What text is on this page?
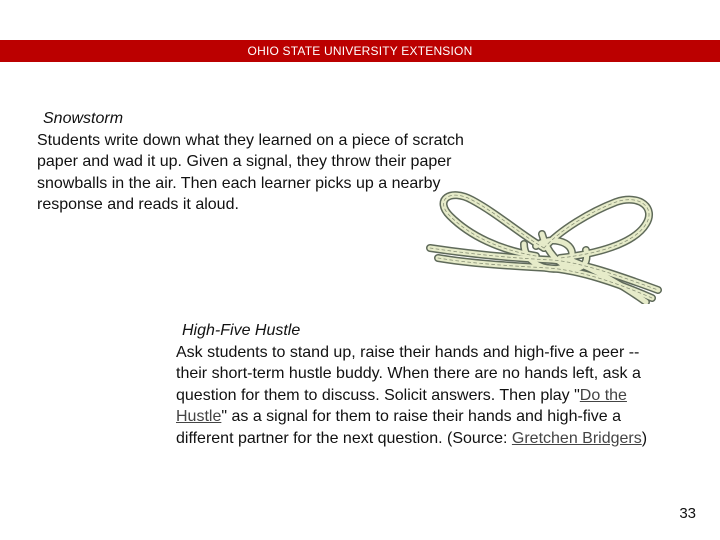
OHIO STATE UNIVERSITY EXTENSION
Snowstorm

Students write down what they learned on a piece of scratch paper and wad it up. Given a signal, they throw their paper snowballs in the air. Then each learner picks up a nearby response and reads it aloud.

High-Five Hustle

Ask students to stand up, raise their hands and high-five a peer -- their short-term hustle buddy. When there are no hands left, ask a question for them to discuss. Solicit answers. Then play "Do the Hustle" as a signal for them to raise their hands and high-five a different partner for the next question. (Source: Gretchen Bridgers)

33
